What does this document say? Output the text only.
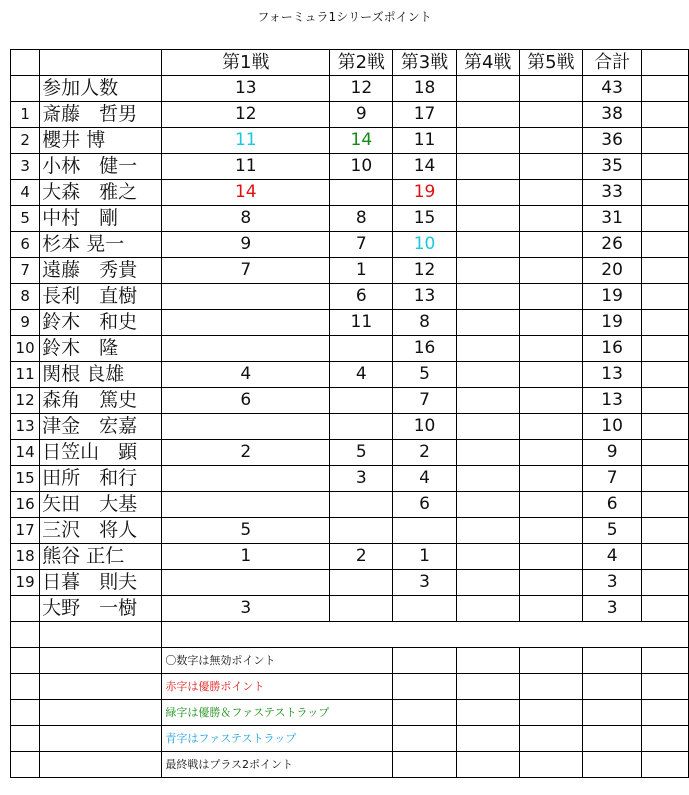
フォーミュラ1シリーズポイント
		第1戦	第2戦	第3戦	第4戦	第5戦	合計	
	参加人数	13	12	18			43	
1	斎藤　哲男	12	9	17			38	
2	櫻井 博	11	14	11			36	
3	小林　健一	11	10	14			35	
4	大森　雅之	14		19			33	
5	中村　剛	8	8	15			31	
6	杉本 晃一	9	7	10			26	
7	遠藤　秀貴	7	1	12			20	
8	長利　直樹		6	13			19	
9	鈴木　和史		11	8			19	
10	鈴木　隆			16			16	
11	関根 良雄	4	4	5			13	
12	森角　篤史	6		7			13	
13	津金　宏嘉			10			10	
14	日笠山　顕	2	5	2			9	
15	田所　和行		3	4			7	
16	矢田　大基			6			6	
17	三沢　将人	5					5	
18	熊谷 正仁	1	2	1			4	
19	日暮　則夫			3			3	
	大野　一樹	3					3	

		〇数字は無効ポイント						
		赤字は優勝ポイント						
		緑字は優勝＆ファステストラップ						
		青字はファステストラップ						
		最終戦はプラス2ポイント						
